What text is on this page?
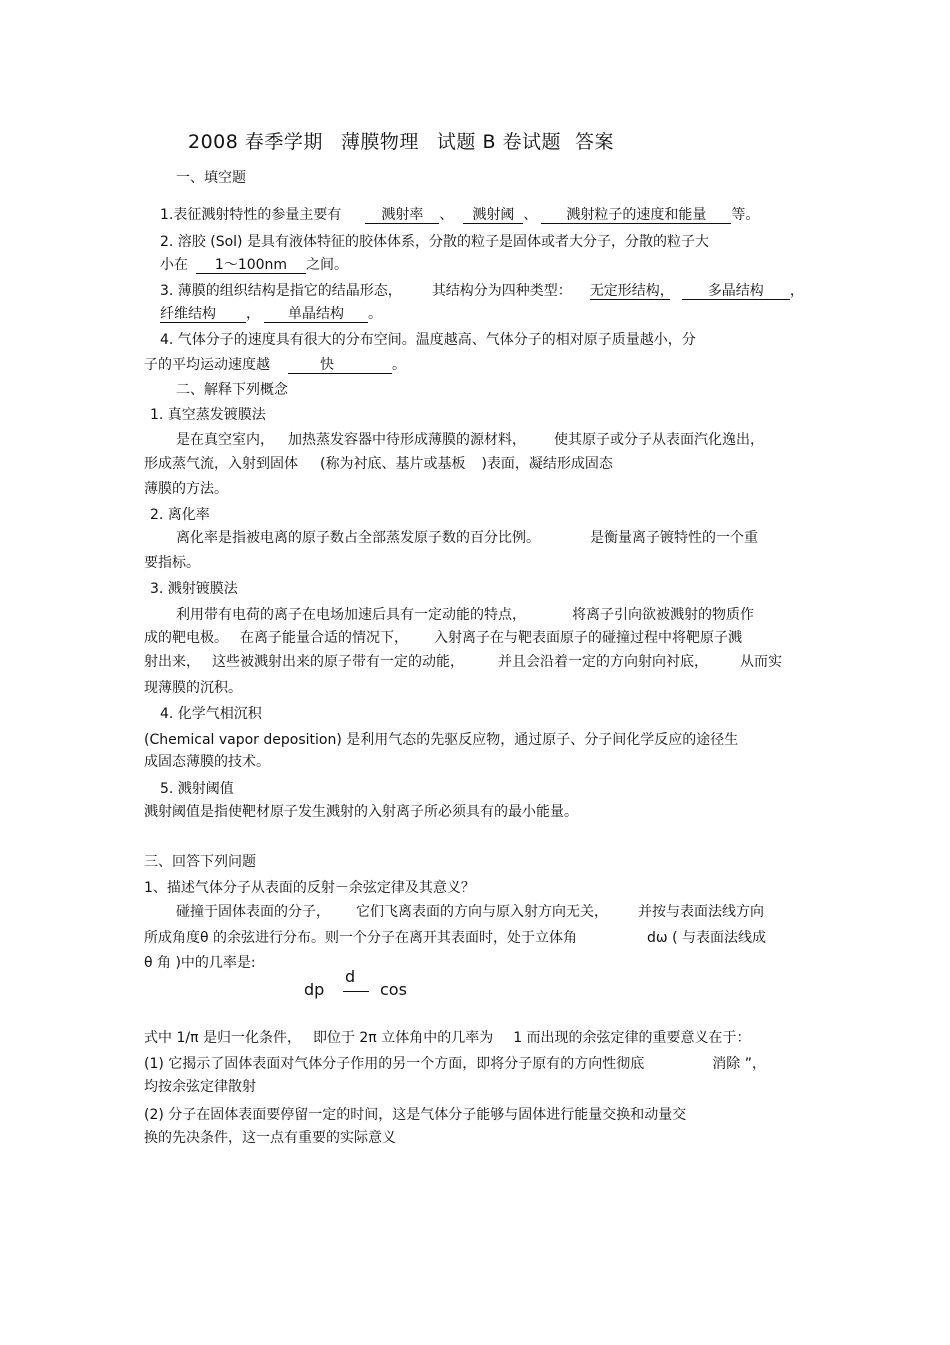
2008 春季学期 薄膜物理 试题 B 卷试题 答案
一、填空题
1.表征溅射特性的参量主要有	溅射率 、 溅射阈 、 溅射粒子的速度和能量 等。
2. 溶胶 (Sol) 是具有液体特征的胶体体系，分散的粒子是固体或者大分子，分散的粒子大
小在 1～100nm 之间。
3. 薄膜的组织结构是指它的结晶形态， 其结构分为四种类型： 无定形结构， 多晶结构 ，
纤维结构 ， 单晶结构 。
4. 气体分子的速度具有很大的分布空间。温度越高、气体分子的相对原子质量越小，分
子的平均运动速度越	快	。
二、解释下列概念
1. 真空蒸发镀膜法
是在真空室内， 加热蒸发容器中待形成薄膜的源材料， 使其原子或分子从表面汽化逸出，
形成蒸气流，入射到固体 (称为衬底、基片或基板 )表面，凝结形成固态
薄膜的方法。
2. 离化率
离化率是指被电离的原子数占全部蒸发原子数的百分比例。	是衡量离子镀特性的一个重
要指标。
3. 溅射镀膜法
利用带有电荷的离子在电场加速后具有一定动能的特点，	将离子引向欲被溅射的物质作
成的靶电极。 在离子能量合适的情况下， 入射离子在与靶表面原子的碰撞过程中将靶原子溅
射出来， 这些被溅射出来的原子带有一定的动能， 并且会沿着一定的方向射向衬底， 从而实
现薄膜的沉积。
4. 化学气相沉积
(Chemical vapor deposition) 是利用气态的先驱反应物，通过原子、分子间化学反应的途径生
成固态薄膜的技术。
5. 溅射阈值
溅射阈值是指使靶材原子发生溅射的入射离子所必须具有的最小能量。
三、回答下列问题
1、描述气体分子从表面的反射－余弦定律及其意义？
碰撞于固体表面的分子， 它们飞离表面的方向与原入射方向无关， 并按与表面法线方向
所成角度θ 的余弦进行分布。则一个分子在离开其表面时，处于立体角	dω ( 与表面法线成
θ 角 )中的几率是:
dp
d
cos
式中 1/π 是归一化条件， 即位于 2π 立体角中的几率为 1 而出现的余弦定律的重要意义在于：
(1) 它揭示了固体表面对气体分子作用的另一个方面，即将分子原有的方向性彻底	消除 ”，
均按余弦定律散射
(2) 分子在固体表面要停留一定的时间，这是气体分子能够与固体进行能量交换和动量交
换的先决条件，这一点有重要的实际意义
